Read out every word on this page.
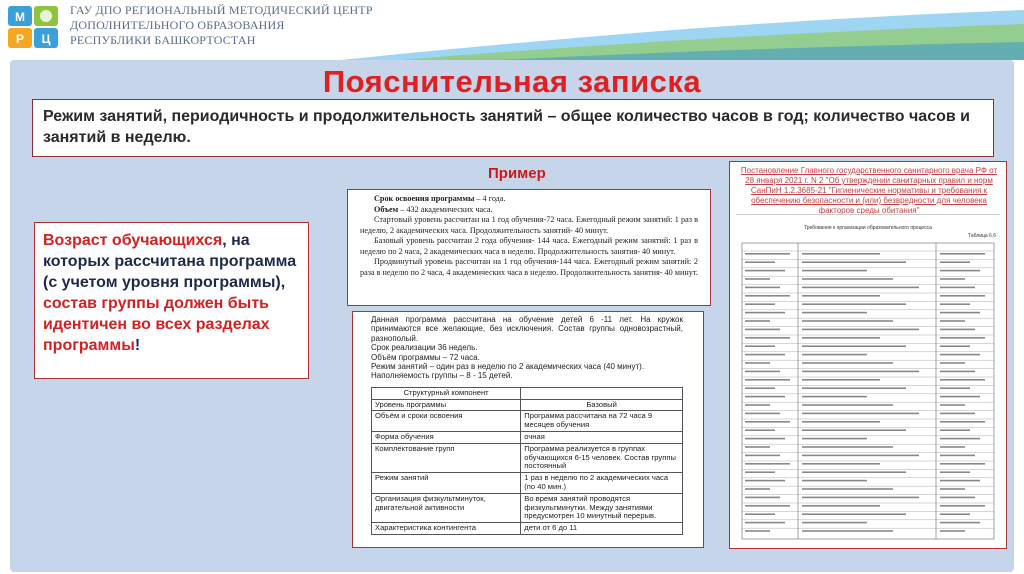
М
Р Ц
ГАУ ДПО РЕГИОНАЛЬНЫЙ МЕТОДИЧЕСКИЙ ЦЕНТР
ДОПОЛНИТЕЛЬНОГО ОБРАЗОВАНИЯ
РЕСПУБЛИКИ БАШКОРТОСТАН
Пояснительная записка
Режим занятий, периодичность и продолжительность занятий – общее количество часов в год; количество часов и занятий в неделю.
Пример

Срок освоения программы – 4 года.

Объем – 432 академических часа.

Стартовый уровень рассчитан на 1 год обучения-72 часа. Ежегодный режим занятий: 1 раз в неделю, 2 академических часа. Продолжительность занятий- 40 минут.

Базовый уровень рассчитан 2 года обучения- 144 часа. Ежегодный режим занятий: 1 раз в неделю по 2 часа, 2 академических часа в неделю. Продолжительность занятия- 40 минут.

Продвинутый уровень рассчитан на 1 год обучения-144 часа. Ежегодный режим занятий: 2 раза в неделю по 2 часа, 4 академических часа в неделю. Продолжительность занятия- 40 минут.

Возраст обучающихся, на которых рассчитана программа (с учетом уровня программы), состав группы должен быть идентичен во всех разделах программы!

Данная программа рассчитана на обучение детей 6 -11 лет. На кружок принимаются все желающие, без исключения. Состав группы одновозрастный, разнополый.

Срок реализации 36 недель.

Объём программы – 72 часа.

Режим занятий – один раз в неделю по 2 академических часа (40 минут).

Наполняемость группы – 8 - 15 детей.

Структурный компонент	
Уровень программы	Базовый
Объём и сроки освоения	Программа рассчитана на 72 часа 9 месяцев обучения
Форма обучения	очная
Комплектование групп	Программа реализуется в группах обучающихся 6-15 человек. Состав группы постоянный
Режим занятий	1 раз в неделю по 2 академических часа (по 40 мин.)
Организация физкультминуток, двигательной активности	Во время занятий проводятся физкультминутки. Между занятиями предусмотрен 10 минутный перерыв.
Характеристика контингента	дети от 6 до 11
Постановление Главного государственного санитарного врача РФ от 28 января 2021 г. N 2 "Об утверждении санитарных правил и норм СанПиН 1.2.3685-21 "Гигиенические нормативы и требования к обеспечению безопасности и (или) безвредности для человека факторов среды обитания"
Требования к организации образовательного процесса
Таблица 6.6
